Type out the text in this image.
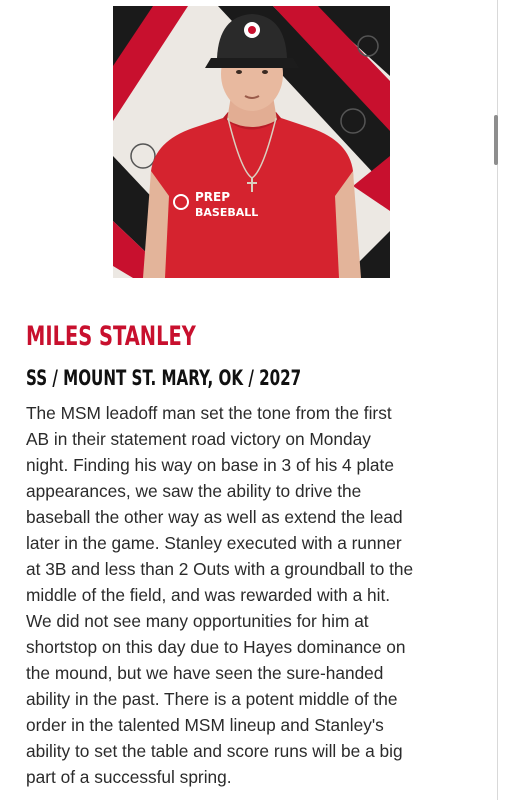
PREP
BASEBALL
MILES STANLEY
SS / MOUNT ST. MARY, OK / 2027
The MSM leadoff man set the tone from the first
AB in their statement road victory on Monday
night. Finding his way on base in 3 of his 4 plate
appearances, we saw the ability to drive the
baseball the other way as well as extend the lead
later in the game. Stanley executed with a runner
at 3B and less than 2 Outs with a groundball to the
middle of the field, and was rewarded with a hit.
We did not see many opportunities for him at
shortstop on this day due to Hayes dominance on
the mound, but we have seen the sure-handed
ability in the past. There is a potent middle of the
order in the talented MSM lineup and Stanley's
ability to set the table and score runs will be a big
part of a successful spring.
